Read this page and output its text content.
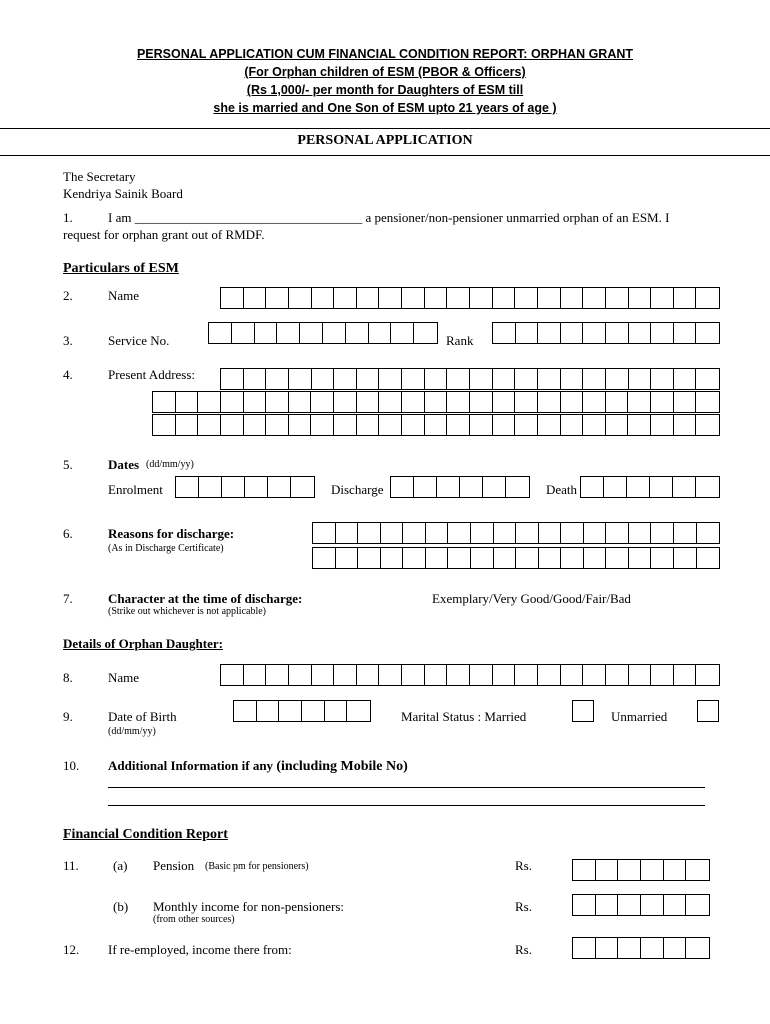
PERSONAL APPLICATION CUM FINANCIAL CONDITION REPORT: ORPHAN GRANT
(For Orphan children of ESM (PBOR & Officers)
(Rs 1,000/- per month for Daughters of ESM till
she is married and One Son of ESM upto 21 years of age )
PERSONAL APPLICATION
The Secretary
Kendriya Sainik Board
1.	I am ___________________________________ a pensioner/non-pensioner unmarried orphan of an ESM. I
request for orphan grant out of RMDF.
Particulars of ESM
2.	Name
3.	Service No.	Rank
4.	Present Address:
5.	Dates (dd/mm/yy)
Enrolment	Discharge	Death
6.	Reasons for discharge:
(As in Discharge Certificate)
7.	Character at the time of discharge:
(Strike out whichever is not applicable)
Exemplary/Very Good/Good/Fair/Bad
Details of Orphan Daughter:
8.	Name
9.	Date of Birth
(dd/mm/yy)
Marital Status : Married	Unmarried
10. Additional Information if any (including Mobile No)
Financial Condition Report
11.	(a) Pension (Basic pm for pensioners)	Rs.
(b) Monthly income for non-pensioners:
(from other sources)
Rs.
12. If re-employed, income there from:	Rs.
